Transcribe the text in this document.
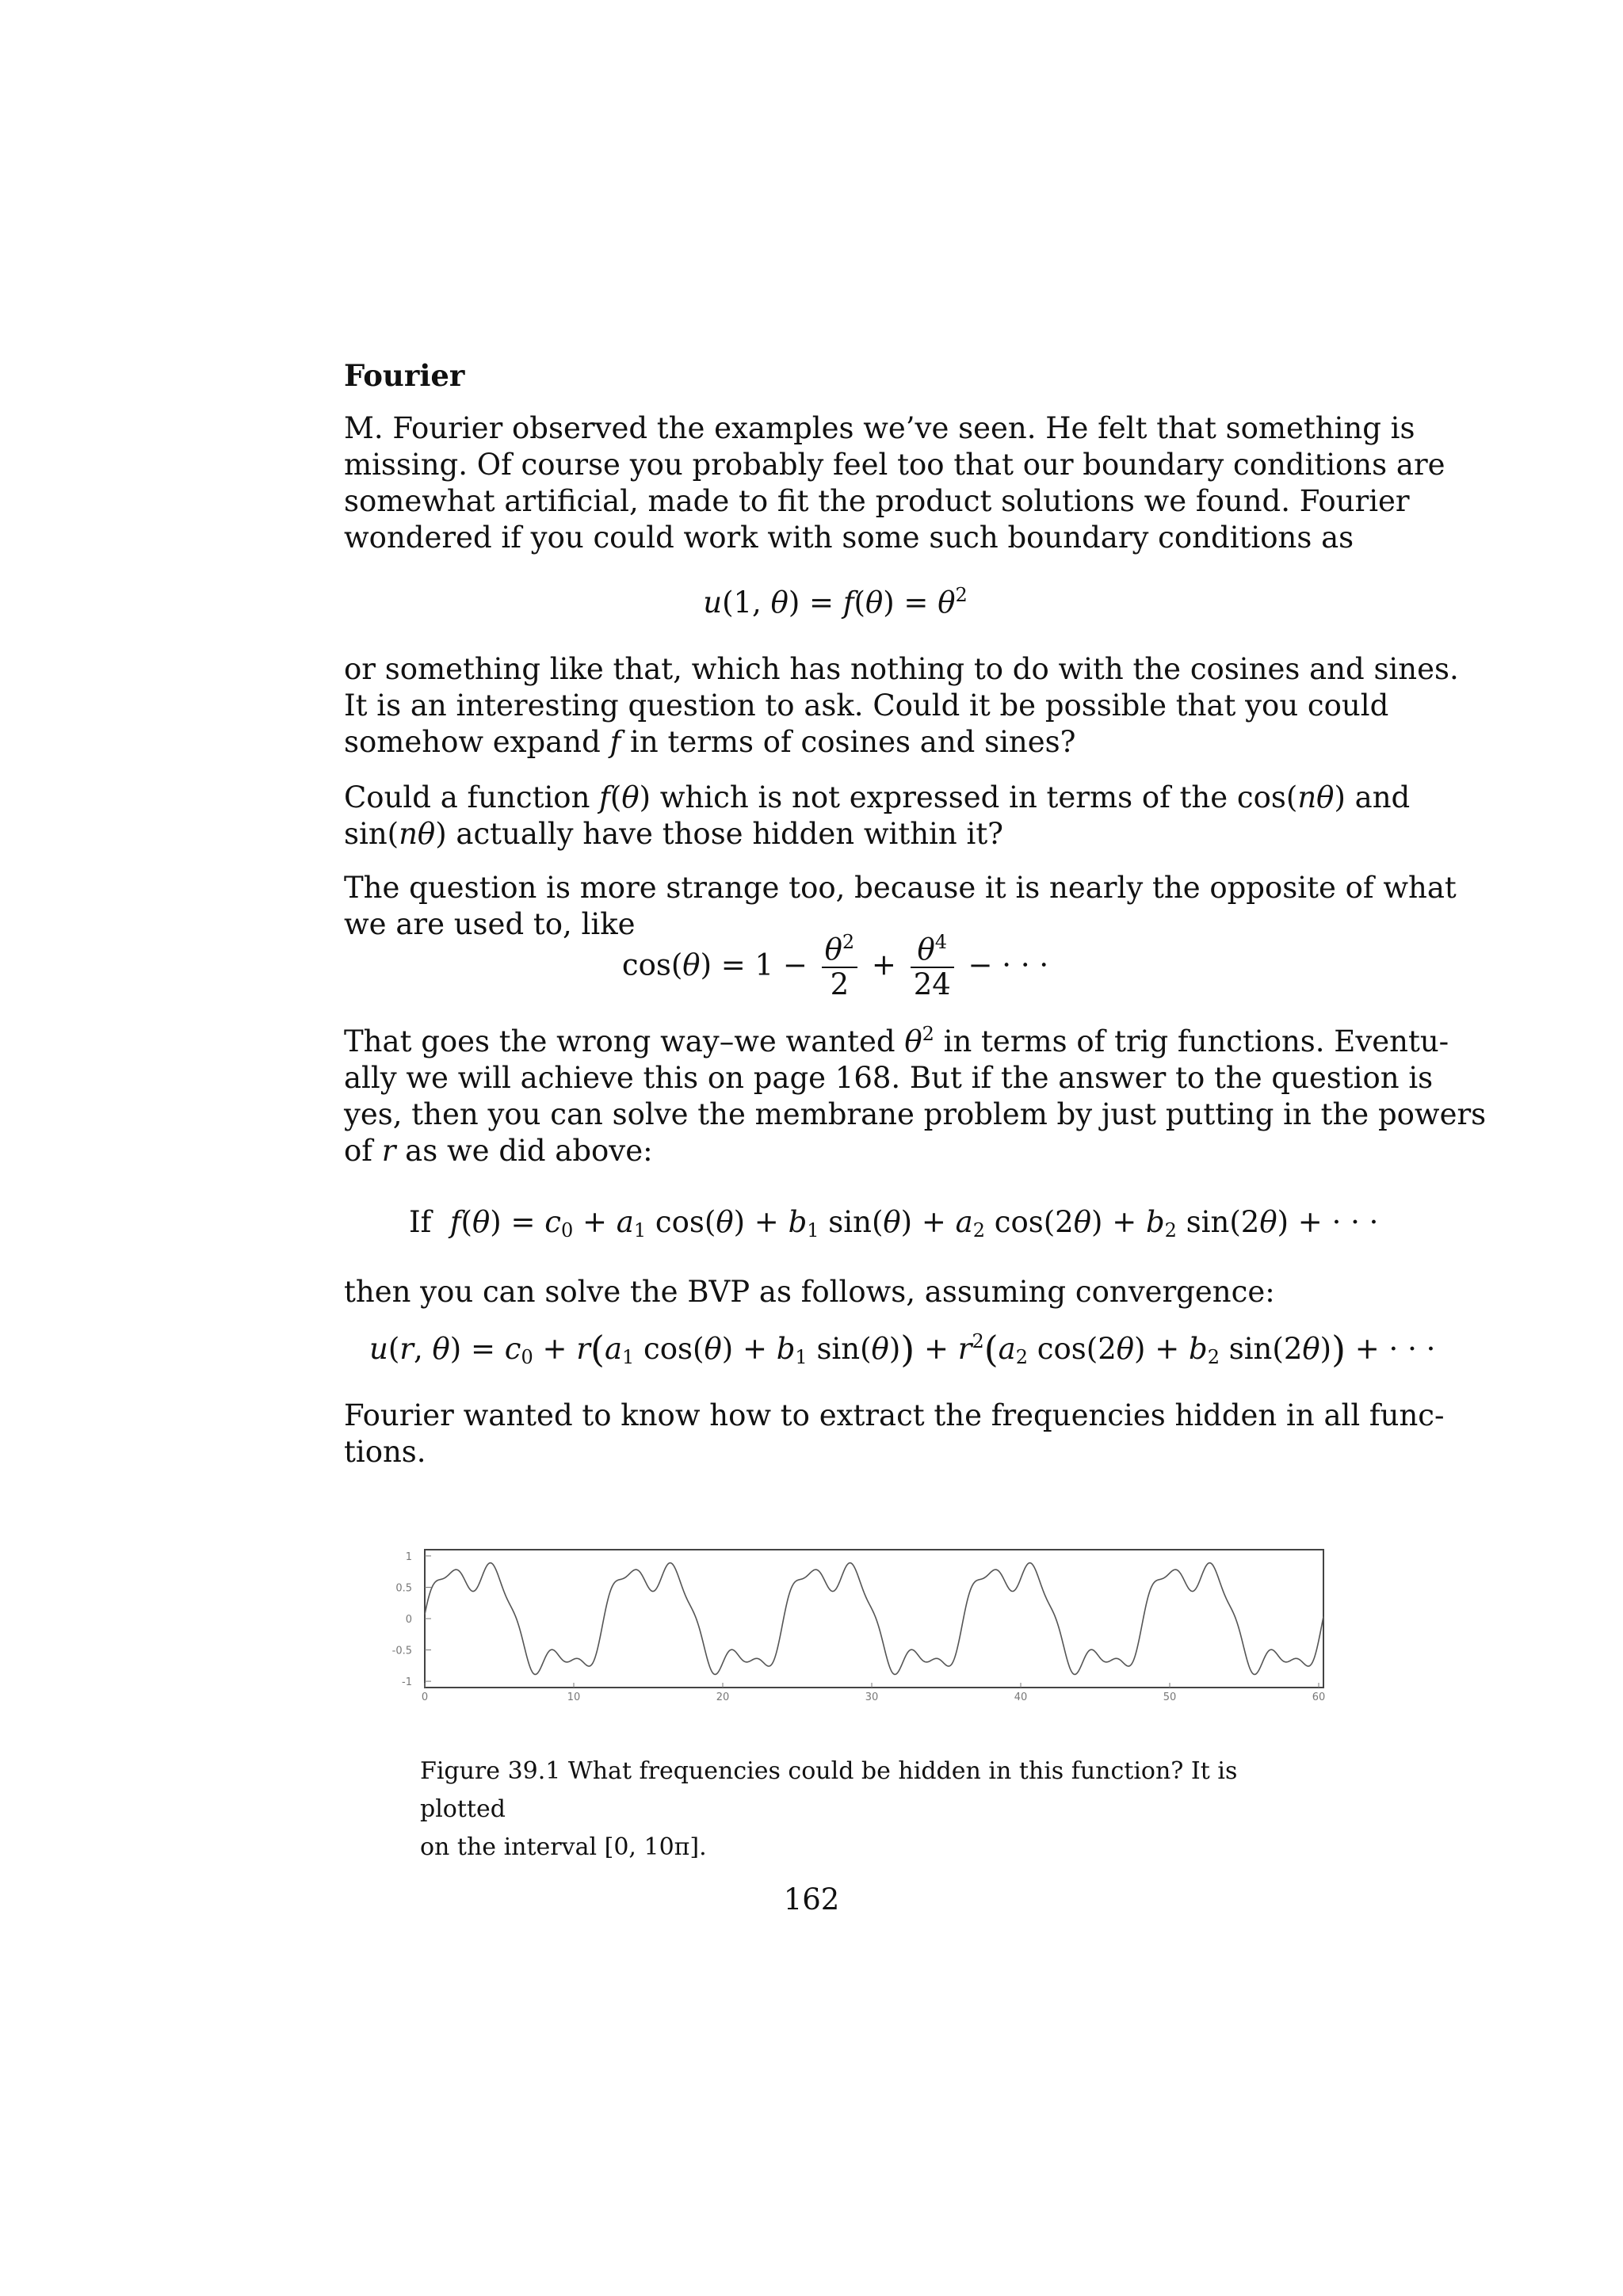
Fourier
M. Fourier observed the examples we’ve seen. He felt that something is
missing. Of course you probably feel too that our boundary conditions are
somewhat artificial, made to fit the product solutions we found. Fourier
wondered if you could work with some such boundary conditions as
u(1, $\theta) = f(\theta) = \theta^2$
or something like that, which has nothing to do with the cosines and sines.
It is an interesting question to ask. Could it be possible that you could
somehow expand f in terms of cosines and sines?
Could a function f(θ) which is not expressed in terms of the cos(nθ) and
sin(nθ) actually have those hidden within it?
The question is more strange too, because it is nearly the opposite of what
we are used to, like
$\cos(\theta) = 1 - \frac{\theta^2}{2} + \frac{\theta^4}{24}$ − · · ·
That goes the wrong way–we wanted $\theta^2$ in terms of trig functions. Eventu-
ally we will achieve this on page 168. But if the answer to the question is
yes, then you can solve the membrane problem by just putting in the powers
of r as we did above:
If $f(\theta) = c_0 + a_1$ $\cos(\theta) + b_1$ $\sin(\theta) + a_2$ $\cos(2\theta) + b_2$ sin(2θ) + · · ·
then you can solve the BVP as follows, assuming convergence:
u(r, $\theta) = c_0 + r(a_1$ $\cos(\theta) + b_1$ $\sin(\theta)) + r^2(a_2$ $\cos(2\theta) + b_2$ sin(2θ)) + · · ·
Fourier wanted to know how to extract the frequencies hidden in all func-
tions.
1
0.5
0
-0.5
-1
0	10	20	30	40	50	60
Figure 39.1 What frequencies could be hidden in this function? It is plotted
on the interval [0, 10π].
162
